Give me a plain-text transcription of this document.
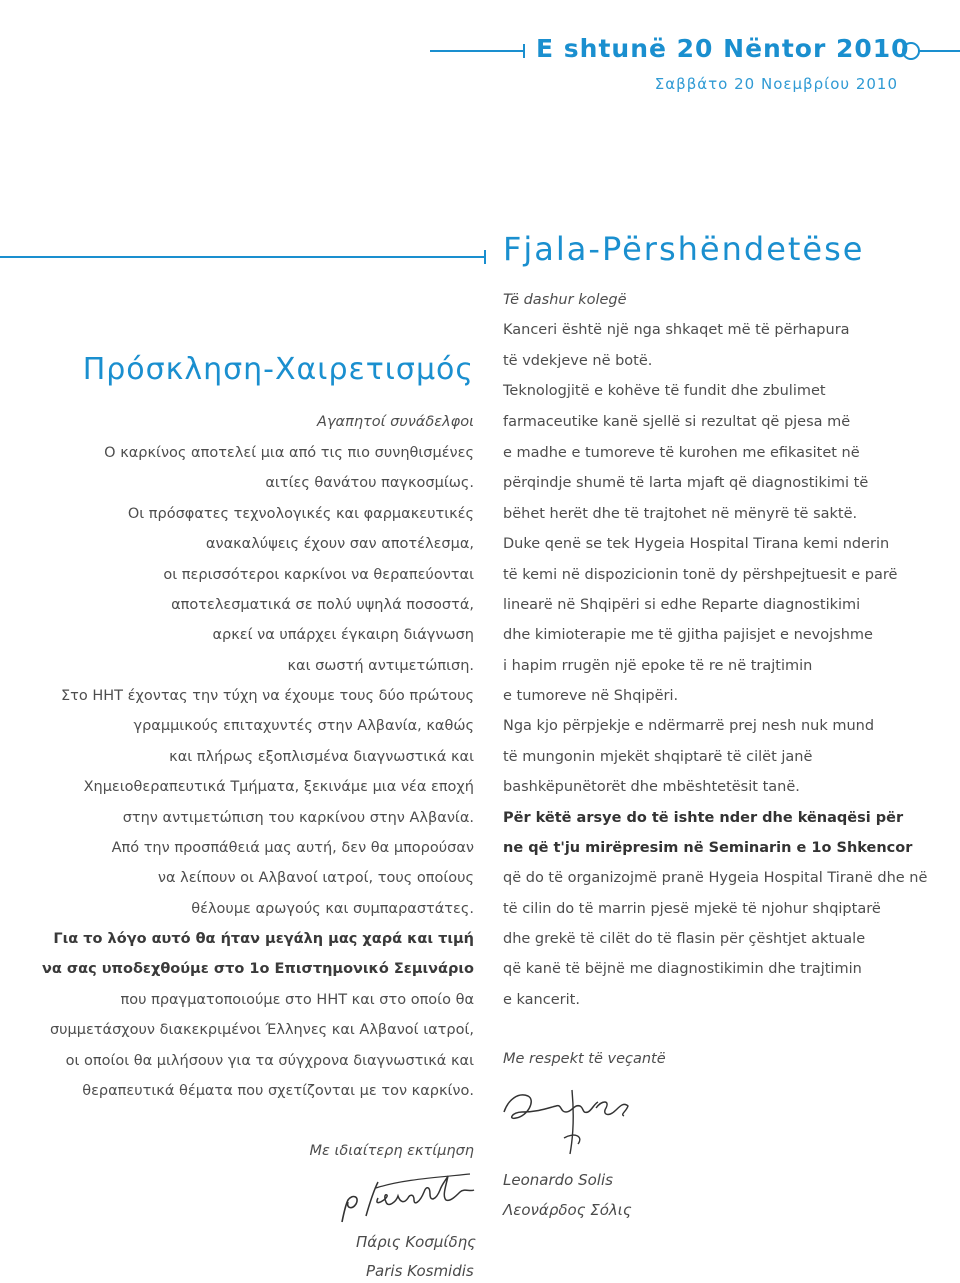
E shtunë 20 Nëntor 2010
Σαββάτο 20 Νοεμβρίου 2010
Fjala-Përshëndetëse
Πρόσκληση-Χαιρετισμός
Αγαπητοί συνάδελφοι
Ο καρκίνος αποτελεί μια από τις πιο συνηθισμένες
αιτίες θανάτου παγκοσμίως.
Οι πρόσφατες τεχνολογικές και φαρμακευτικές
ανακαλύψεις έχουν σαν αποτέλεσμα,
οι περισσότεροι καρκίνοι να θεραπεύονται
αποτελεσματικά σε πολύ υψηλά ποσοστά,
αρκεί να υπάρχει έγκαιρη διάγνωση
και σωστή αντιμετώπιση.
Στο ΗΗΤ έχοντας την τύχη να έχουμε τους δύο πρώτους
γραμμικούς επιταχυντές στην Αλβανία, καθώς
και πλήρως εξοπλισμένα διαγνωστικά και
Χημειοθεραπευτικά Τμήματα, ξεκινάμε μια νέα εποχή
στην αντιμετώπιση του καρκίνου στην Αλβανία.
Από την προσπάθειά μας αυτή, δεν θα μπορούσαν
να λείπουν οι Αλβανοί ιατροί, τους οποίους
θέλουμε αρωγούς και συμπαραστάτες.
Για το λόγο αυτό θα ήταν μεγάλη μας χαρά και τιμή
να σας υποδεχθούμε στο 1ο Επιστημονικό Σεμινάριο
που πραγματοποιούμε στο ΗΗΤ και στο οποίο θα
συμμετάσχουν διακεκριμένοι Έλληνες και Αλβανοί ιατροί,
οι οποίοι θα μιλήσουν για τα σύγχρονα διαγνωστικά και
θεραπευτικά θέματα που σχετίζονται με τον καρκίνο.
Με ιδιαίτερη εκτίμηση
Πάρις Κοσμίδης
Paris Kosmidis
Të dashur kolegë
Kanceri është një nga shkaqet më të përhapura
të vdekjeve në botë.
Teknologjitë e kohëve të fundit dhe zbulimet
farmaceutike kanë sjellë si rezultat që pjesa më
e madhe e tumoreve të kurohen me efikasitet në
përqindje shumë të larta mjaft që diagnostikimi të
bëhet herët dhe të trajtohet në mënyrë të saktë.
Duke qenë se tek Hygeia Hospital Tirana kemi nderin
të kemi në dispozicionin tonë dy përshpejtuesit e parë
linearë në Shqipëri si edhe Reparte diagnostikimi
dhe kimioterapie me të gjitha pajisjet e nevojshme
i hapim rrugën një epoke të re në trajtimin
e tumoreve në Shqipëri.
Nga kjo përpjekje e ndërmarrë prej nesh nuk mund
të mungonin mjekët shqiptarë të cilët janë
bashkëpunëtorët dhe mbështetësit tanë.
Për këtë arsye do të ishte nder dhe kënaqësi për
ne që t'ju mirëpresim në Seminarin e 1o Shkencor
që do të organizojmë pranë Hygeia Hospital Tiranë dhe në
të cilin do të marrin pjesë mjekë të njohur shqiptarë
dhe grekë të cilët do të flasin për çështjet aktuale
që kanë të bëjnë me diagnostikimin dhe trajtimin
e kancerit.
Me respekt të veçantë
Leonardo Solis
Λεονάρδος Σόλις
